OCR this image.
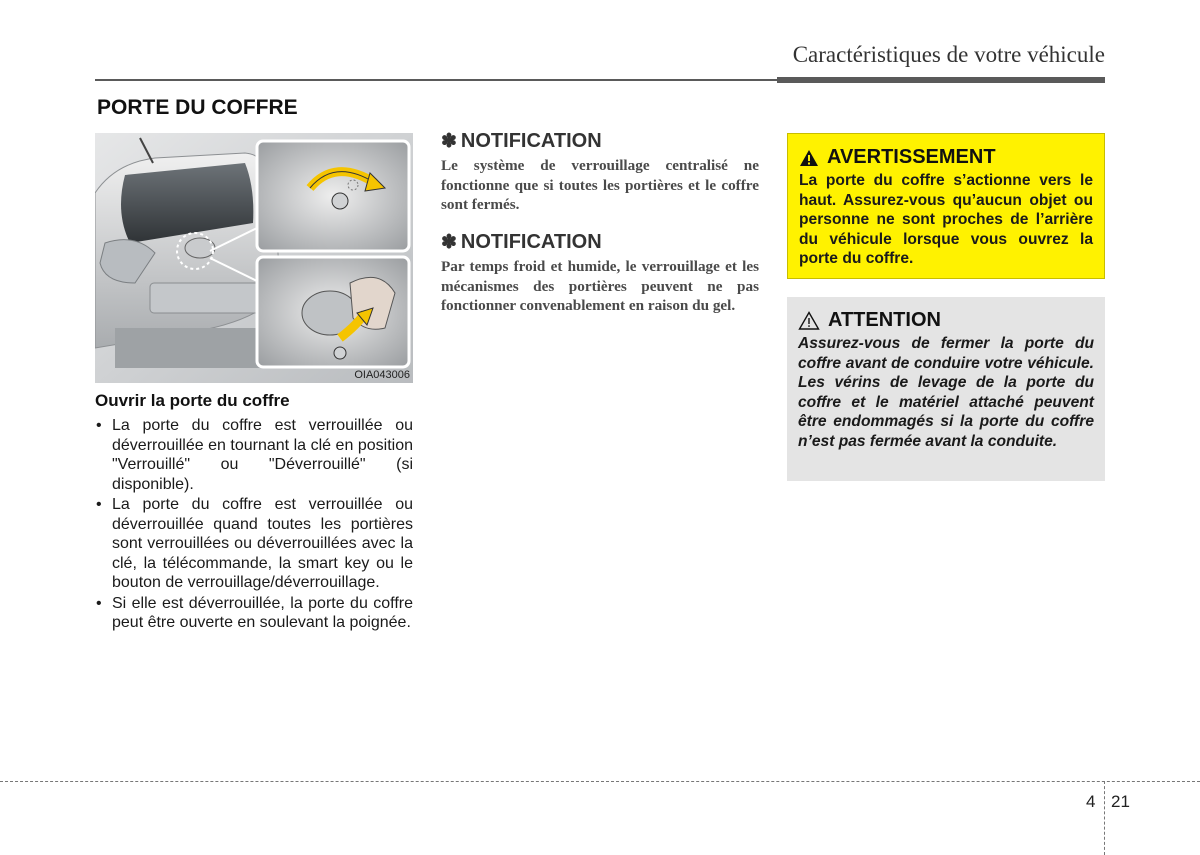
Caractéristiques de votre véhicule
PORTE DU COFFRE
OIA043006
Ouvrir la porte du coffre
• La porte du coffre est verrouillée ou déverrouillée en tournant la clé en position "Verrouillé" ou "Déverrouillé" (si disponible).
• La porte du coffre est verrouillée ou déverrouillée quand toutes les portières sont verrouillées ou déverrouillées avec la clé, la télécommande, la smart key ou le bouton de verrouillage/déverrouillage.
• Si elle est déverrouillée, la porte du coffre peut être ouverte en soulevant la poignée.
✽ NOTIFICATION
Le système de verrouillage centralisé ne fonctionne que si toutes les portières et le coffre sont fermés.
✽ NOTIFICATION
Par temps froid et humide, le verrouillage et les mécanismes des portières peuvent ne pas fonctionner convenablement en raison du gel.
AVERTISSEMENT
La porte du coffre s’actionne vers le haut. Assurez-vous qu’aucun objet ou personne ne sont proches de l’arrière du véhicule lorsque vous ouvrez la porte du coffre.
ATTENTION
Assurez-vous de fermer la porte du coffre avant de conduire votre véhicule. Les vérins de levage de la porte du coffre et le matériel attaché peuvent être endommagés si la porte du coffre n’est pas fermée avant la conduite.
4 21
